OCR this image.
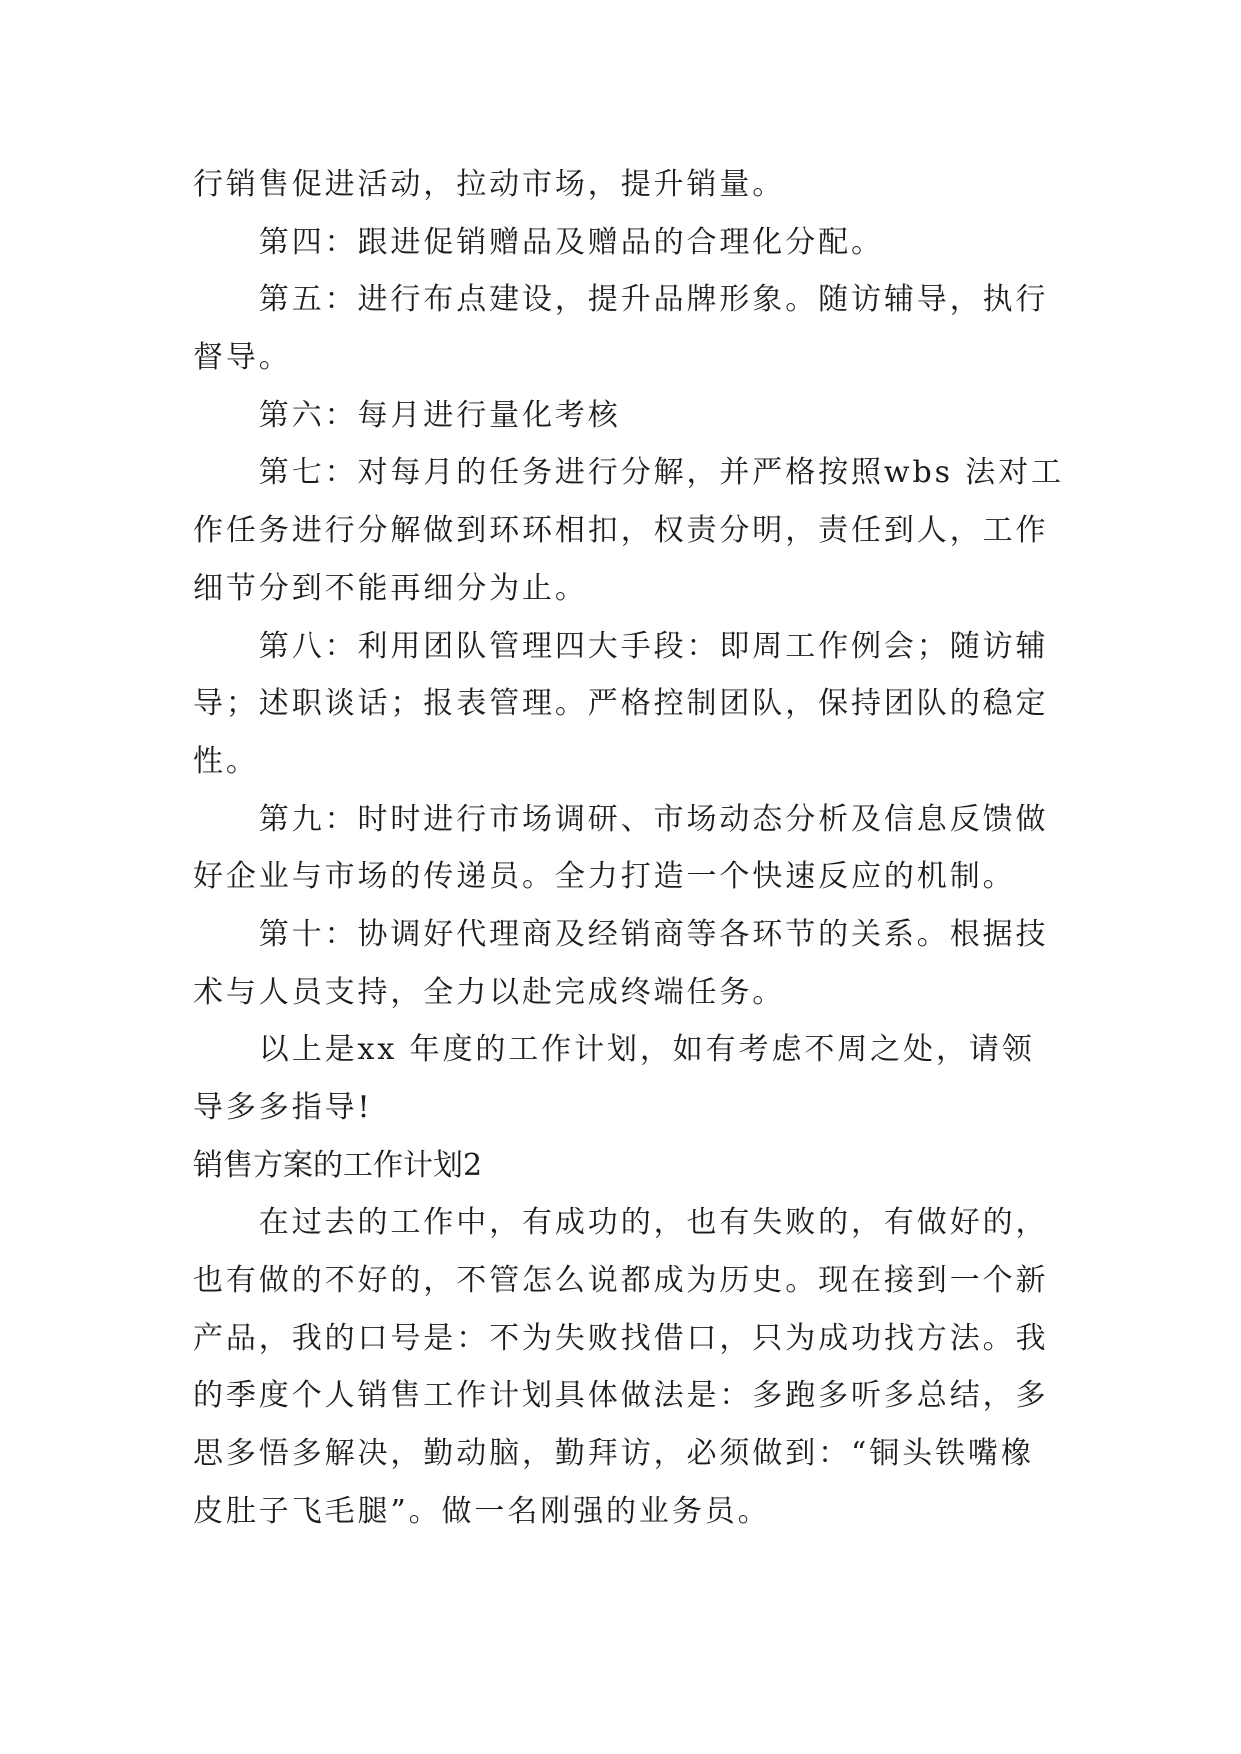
行销售促进活动，拉动市场，提升销量。
第四：跟进促销赠品及赠品的合理化分配。
第五：进行布点建设，提升品牌形象。随访辅导，执行
督导。
第六：每月进行量化考核
第七：对每月的任务进行分解，并严格按照wbs 法对工
作任务进行分解做到环环相扣，权责分明，责任到人，工作
细节分到不能再细分为止。
第八：利用团队管理四大手段：即周工作例会；随访辅
导；述职谈话；报表管理。严格控制团队，保持团队的稳定
性。
第九：时时进行市场调研、市场动态分析及信息反馈做
好企业与市场的传递员。全力打造一个快速反应的机制。
第十：协调好代理商及经销商等各环节的关系。根据技
术与人员支持，全力以赴完成终端任务。
以上是xx 年度的工作计划，如有考虑不周之处，请领
导多多指导!
销售方案的工作计划2
在过去的工作中，有成功的，也有失败的，有做好的，
也有做的不好的，不管怎么说都成为历史。现在接到一个新
产品，我的口号是：不为失败找借口，只为成功找方法。我
的季度个人销售工作计划具体做法是：多跑多听多总结，多
思多悟多解决，勤动脑，勤拜访，必须做到：“铜头铁嘴橡
皮肚子飞毛腿”。做一名刚强的业务员。
